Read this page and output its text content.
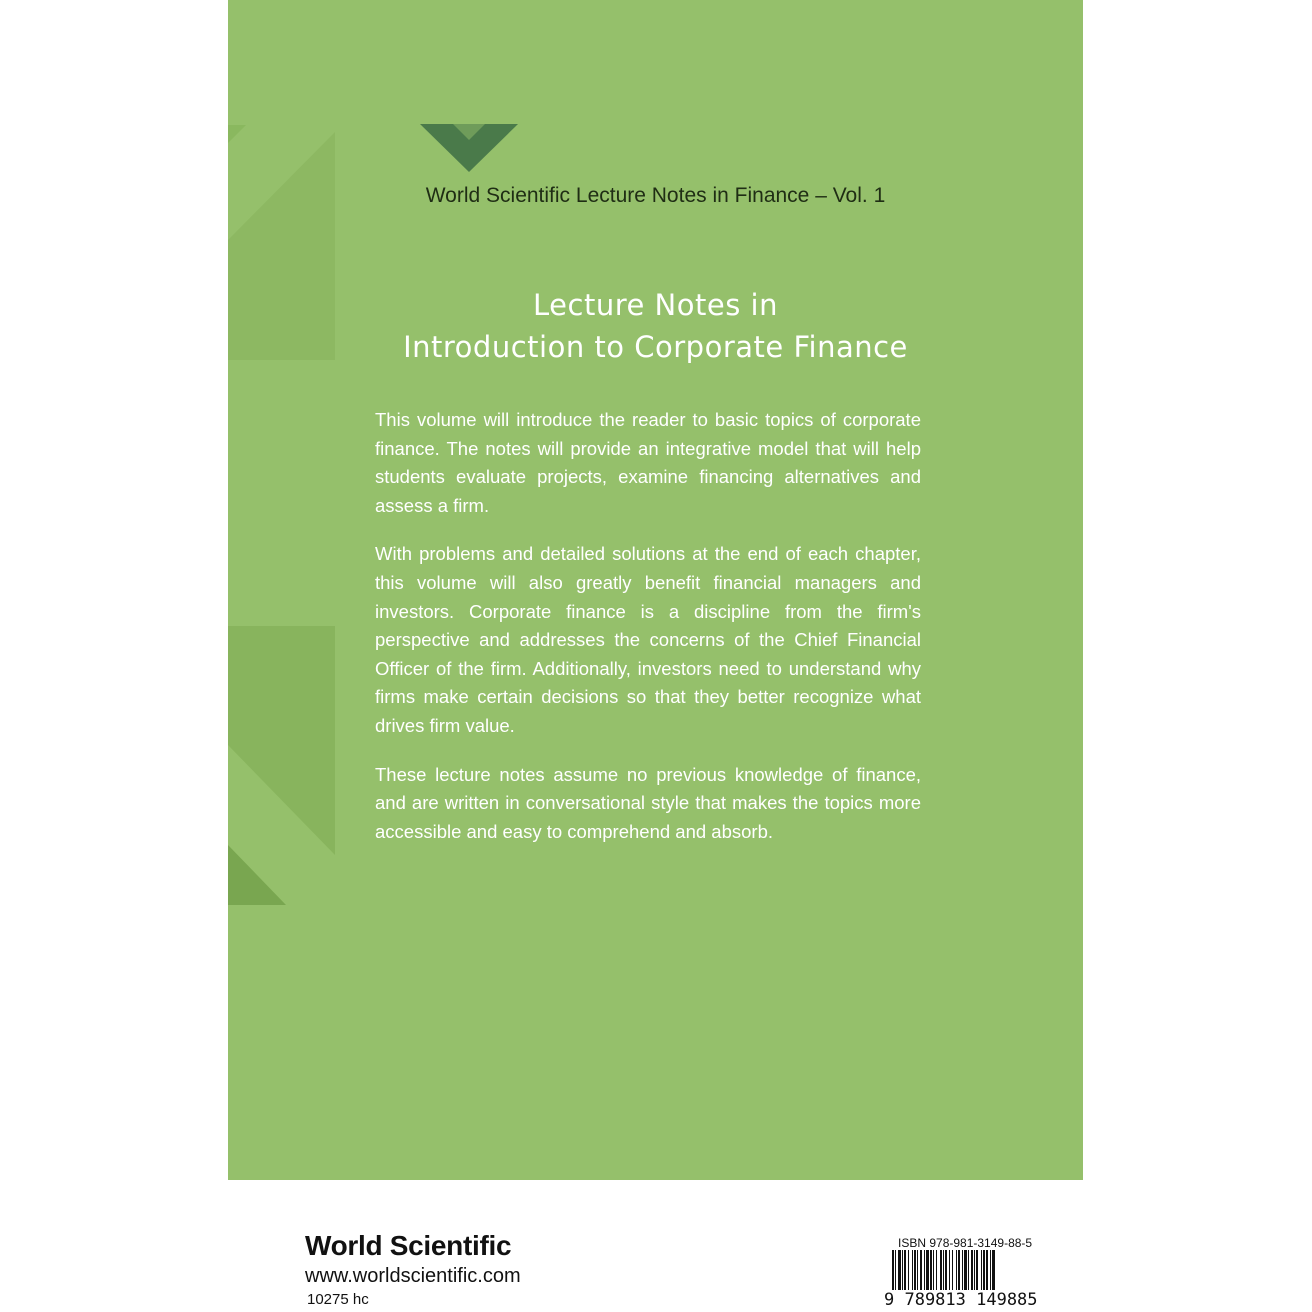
World Scientific Lecture Notes in Finance – Vol. 1
Lecture Notes in
Introduction to Corporate Finance

This volume will introduce the reader to basic topics of corporate finance. The notes will provide an integrative model that will help students evaluate projects, examine financing alternatives and assess a firm.

With problems and detailed solutions at the end of each chapter, this volume will also greatly benefit financial managers and investors. Corporate finance is a discipline from the firm's perspective and addresses the concerns of the Chief Financial Officer of the firm. Additionally, investors need to understand why firms make certain decisions so that they better recognize what drives firm value.

These lecture notes assume no previous knowledge of finance, and are written in conversational style that makes the topics more accessible and easy to comprehend and absorb.

World Scientific
www.worldscientific.com
10275 hc
ISBN 978-981-3149-88-5
9 789813 149885
